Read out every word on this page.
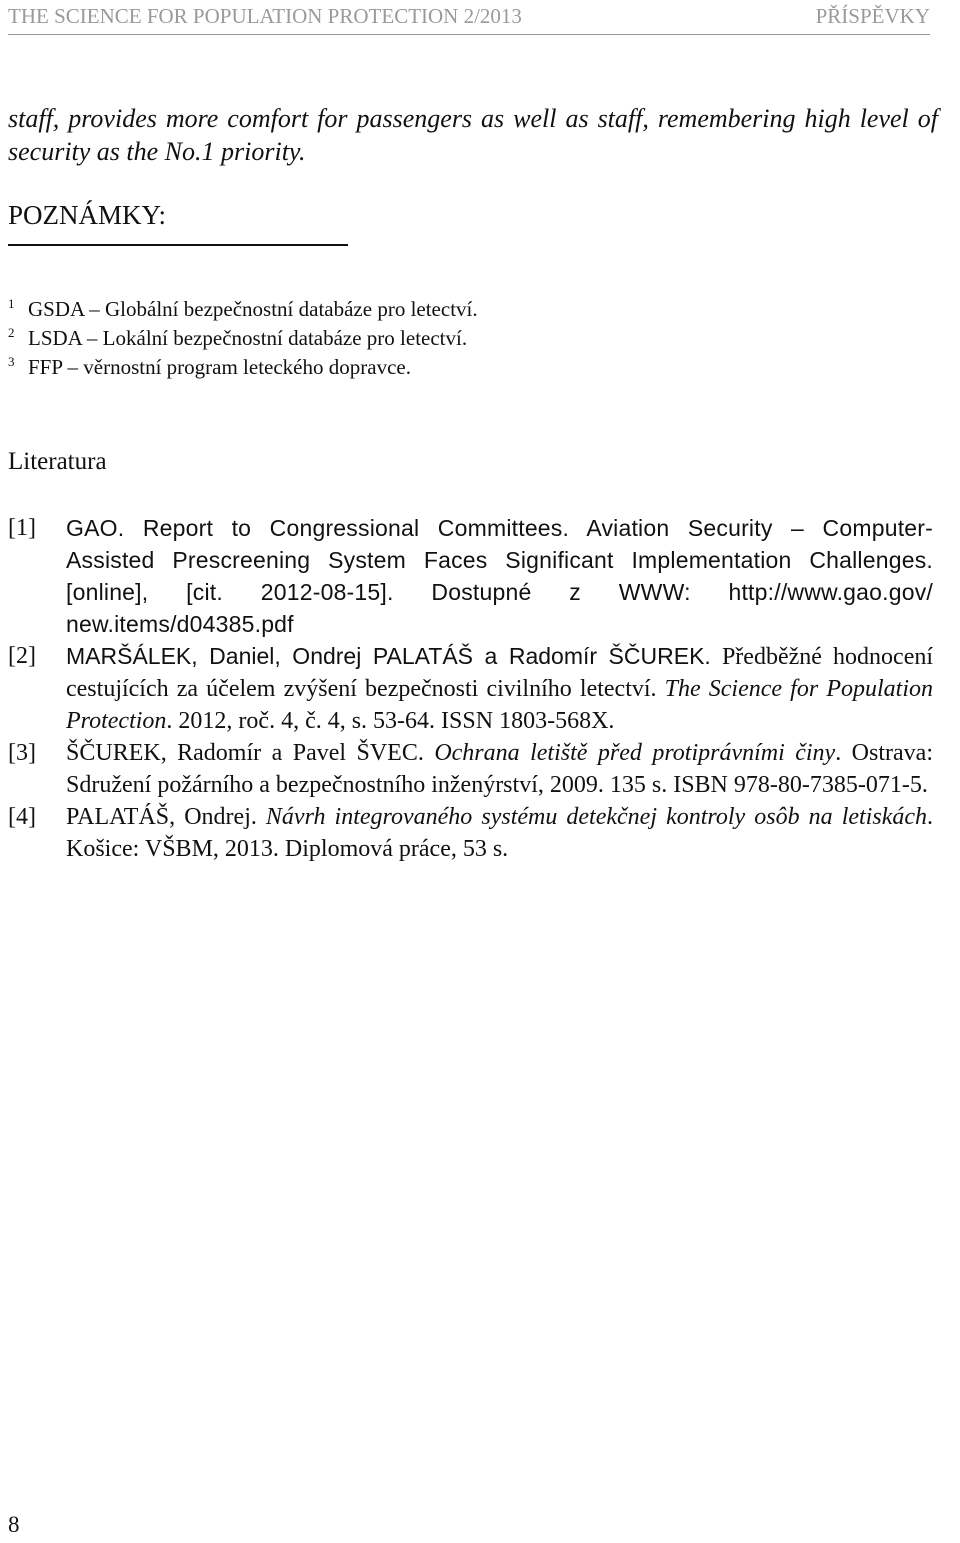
THE SCIENCE FOR POPULATION PROTECTION 2/2013	PŘÍSPĚVKY

staff, provides more comfort for passengers as well as staff, remembering high level of security as the No.1 priority.

POZNÁMKY:
1 GSDA – Globální bezpečnostní databáze pro letectví.
2 LSDA – Lokální bezpečnostní databáze pro letectví.
3 FFP – věrnostní program leteckého dopravce.
Literatura
[1]	GAO. Report to Congressional Committees. Aviation Security – Computer-Assisted Prescreening System Faces Significant Implementation Challenges. [online], [cit. 2012-08-15]. Dostupné z WWW: http://www.gao.gov/ new.items/d04385.pdf
[2]	MARŠÁLEK, Daniel, Ondrej PALATÁŠ a Radomír ŠČUREK. Předběžné hodnocení cestujících za účelem zvýšení bezpečnosti civilního letectví. The Science for Population Protection. 2012, roč. 4, č. 4, s. 53-64. ISSN 1803-568X.
[3]	ŠČUREK, Radomír a Pavel ŠVEC. Ochrana letiště před protiprávními činy. Ostrava: Sdružení požárního a bezpečnostního inženýrství, 2009. 135 s. ISBN 978-80-7385-071-5.
[4]	PALATÁŠ, Ondrej. Návrh integrovaného systému detekčnej kontroly osôb na letiskách. Košice: VŠBM, 2013. Diplomová práce, 53 s.
8
